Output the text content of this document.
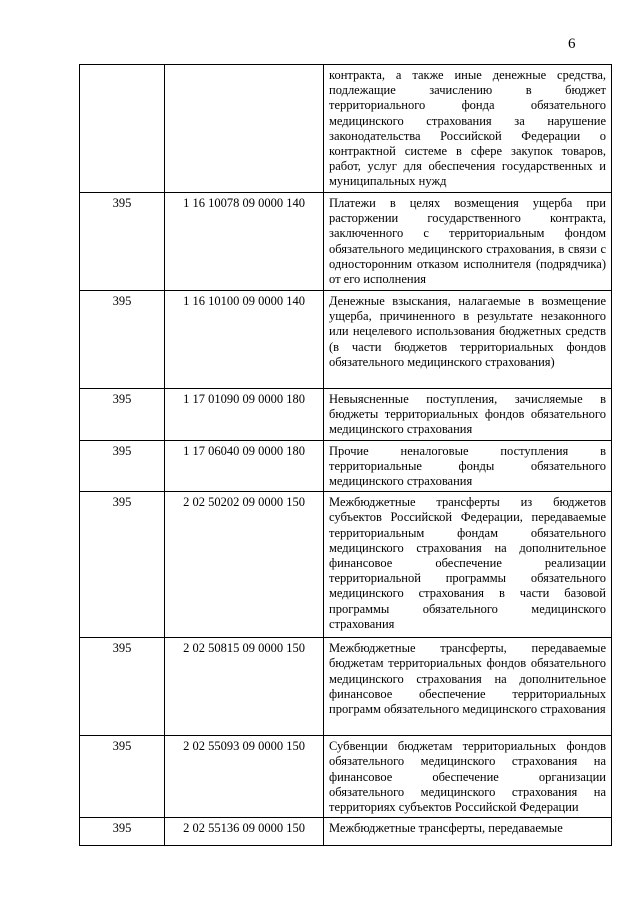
6
		контракта, а также иные денежные средства, подлежащие зачислению в бюджет территориального фонда обязательного медицинского страхования за нарушение законодательства Российской Федерации о контрактной системе в сфере закупок товаров, работ, услуг для обеспечения государственных и муниципальных нужд
395	1 16 10078 09 0000 140	Платежи в целях возмещения ущерба при расторжении государственного контракта, заключенного с территориальным фондом обязательного медицинского страхования, в связи с односторонним отказом исполнителя (подрядчика) от его исполнения
395	1 16 10100 09 0000 140	Денежные взыскания, налагаемые в возмещение ущерба, причиненного в результате незаконного или нецелевого использования бюджетных средств (в части бюджетов территориальных фондов обязательного медицинского страхования)
395	1 17 01090 09 0000 180	Невыясненные поступления, зачисляемые в бюджеты территориальных фондов обязательного медицинского страхования
395	1 17 06040 09 0000 180	Прочие неналоговые поступления в территориальные фонды обязательного медицинского страхования
395	2 02 50202 09 0000 150	Межбюджетные трансферты из бюджетов субъектов Российской Федерации, передаваемые территориальным фондам обязательного медицинского страхования на дополнительное финансовое обеспечение реализации территориальной программы обязательного медицинского страхования в части базовой программы обязательного медицинского страхования
395	2 02 50815 09 0000 150	Межбюджетные трансферты, передаваемые бюджетам территориальных фондов обязательного медицинского страхования на дополнительное финансовое обеспечение территориальных программ обязательного медицинского страхования
395	2 02 55093 09 0000 150	Субвенции бюджетам территориальных фондов обязательного медицинского страхования на финансовое обеспечение организации обязательного медицинского страхования на территориях субъектов Российской Федерации
395	2 02 55136 09 0000 150	Межбюджетные трансферты, передаваемые
